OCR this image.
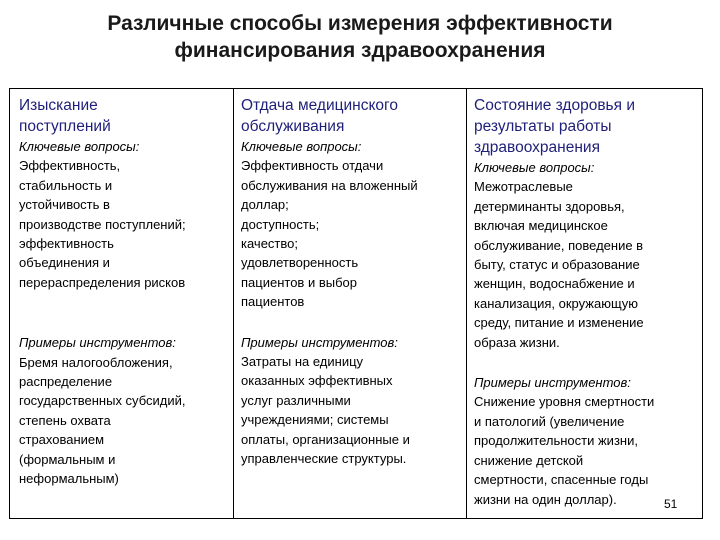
Различные способы измерения эффективности
финансирования здравоохранения
Изыскание
поступлений
Ключевые вопросы:
Эффективность,
стабильность и
устойчивость в
производстве поступлений;
эффективность
объединения и
перераспределения рисков
Примеры инструментов:
Бремя налогообложения,
распределение
государственных субсидий,
степень охвата
страхованием
(формальным и
неформальным)
Отдача медицинского
обслуживания
Ключевые вопросы:
Эффективность отдачи
обслуживания на вложенный
доллар;
доступность;
качество;
удовлетворенность
пациентов и выбор
пациентов
Примеры инструментов:
Затраты на единицу
оказанных эффективных
услуг различными
учреждениями; системы
оплаты, организационные и
управленческие структуры.
Состояние здоровья и
результаты работы
здравоохранения
Ключевые вопросы:
Межотраслевые
детерминанты здоровья,
включая медицинское
обслуживание, поведение в
быту, статус и образование
женщин, водоснабжение и
канализация, окружающую
среду, питание и изменение
образа жизни.
Примеры инструментов:
Снижение уровня смертности
и патологий (увеличение
продолжительности жизни,
снижение детской
смертности, спасенные годы
жизни на один доллар).	51
